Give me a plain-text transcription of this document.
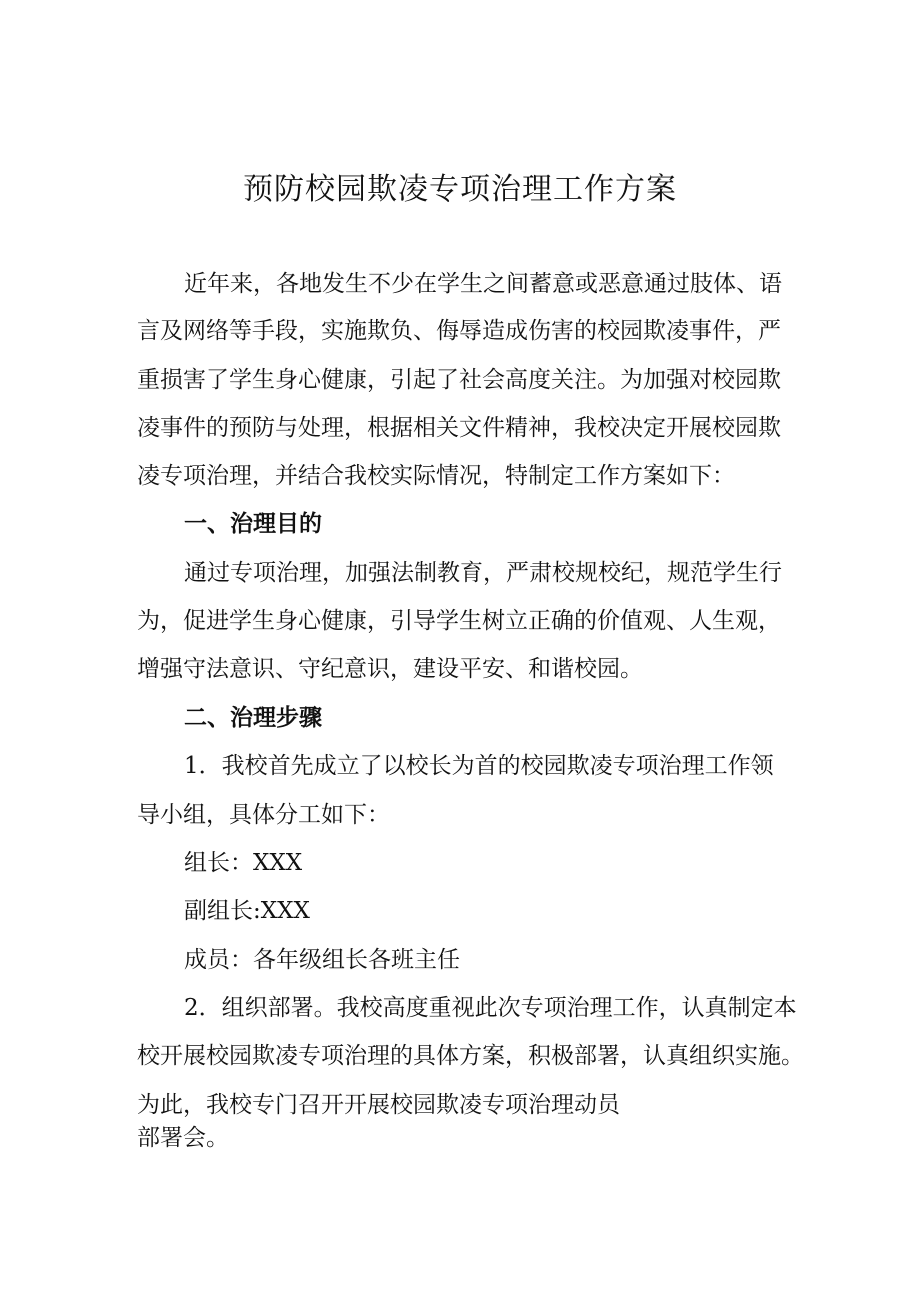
预防校园欺凌专项治理工作方案
近年来，各地发生不少在学生之间蓄意或恶意通过肢体、语
言及网络等手段，实施欺负、侮辱造成伤害的校园欺凌事件，严
重损害了学生身心健康，引起了社会高度关注。为加强对校园欺
凌事件的预防与处理，根据相关文件精神，我校决定开展校园欺
凌专项治理，并结合我校实际情况，特制定工作方案如下：
一、治理目的
通过专项治理，加强法制教育，严肃校规校纪，规范学生行
为，促进学生身心健康，引导学生树立正确的价值观、人生观，
增强守法意识、守纪意识，建设平安、和谐校园。
二、治理步骤
1．我校首先成立了以校长为首的校园欺凌专项治理工作领
导小组，具体分工如下：
组长：XXX
副组长:XXX
成员：各年级组长各班主任
2．组织部署。我校高度重视此次专项治理工作，认真制定本
校开展校园欺凌专项治理的具体方案，积极部署，认真组织实施。
为此，我校专门召开开展校园欺凌专项治理动员
部署会。
